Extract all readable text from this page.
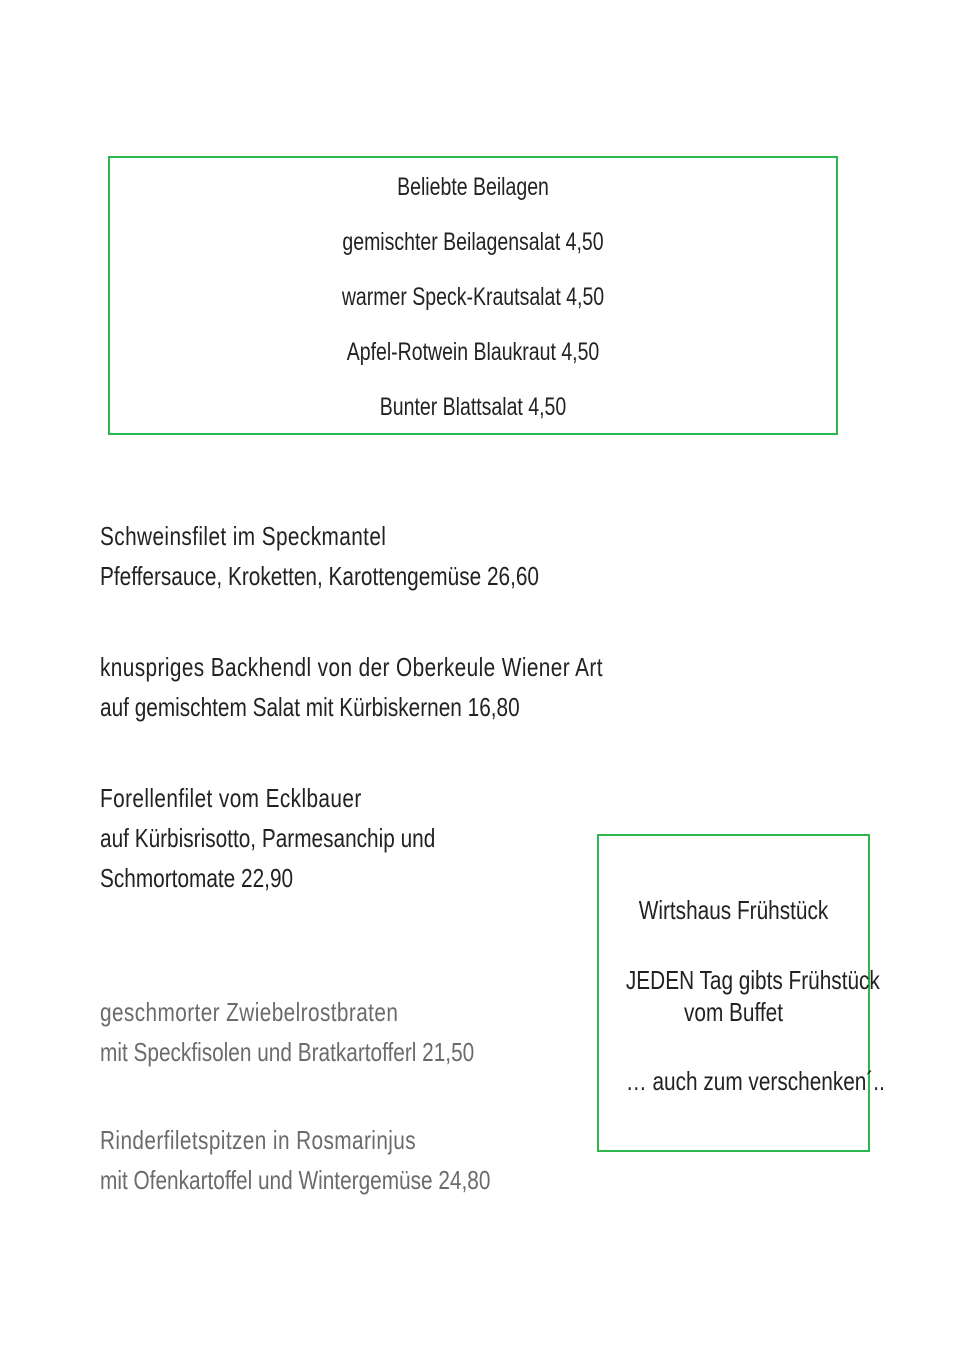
Beliebte Beilagen
gemischter Beilagensalat 4,50
warmer Speck-Krautsalat 4,50
Apfel-Rotwein Blaukraut 4,50
Bunter Blattsalat 4,50
Schweinsfilet im Speckmantel
Pfeffersauce, Kroketten, Karottengemüse 26,60
knuspriges Backhendl von der Oberkeule Wiener Art
auf gemischtem Salat mit Kürbiskernen 16,80
Forellenfilet vom Ecklbauer
auf Kürbisrisotto, Parmesanchip und
Schmortomate 22,90
geschmorter Zwiebelrostbraten
mit Speckfisolen und Bratkartofferl 21,50
Rinderfiletspitzen in Rosmarinjus
mit Ofenkartoffel und Wintergemüse 24,80
Wirtshaus Frühstück
JEDEN Tag gibts Frühstück
vom Buffet
… auch zum verschenken´..
